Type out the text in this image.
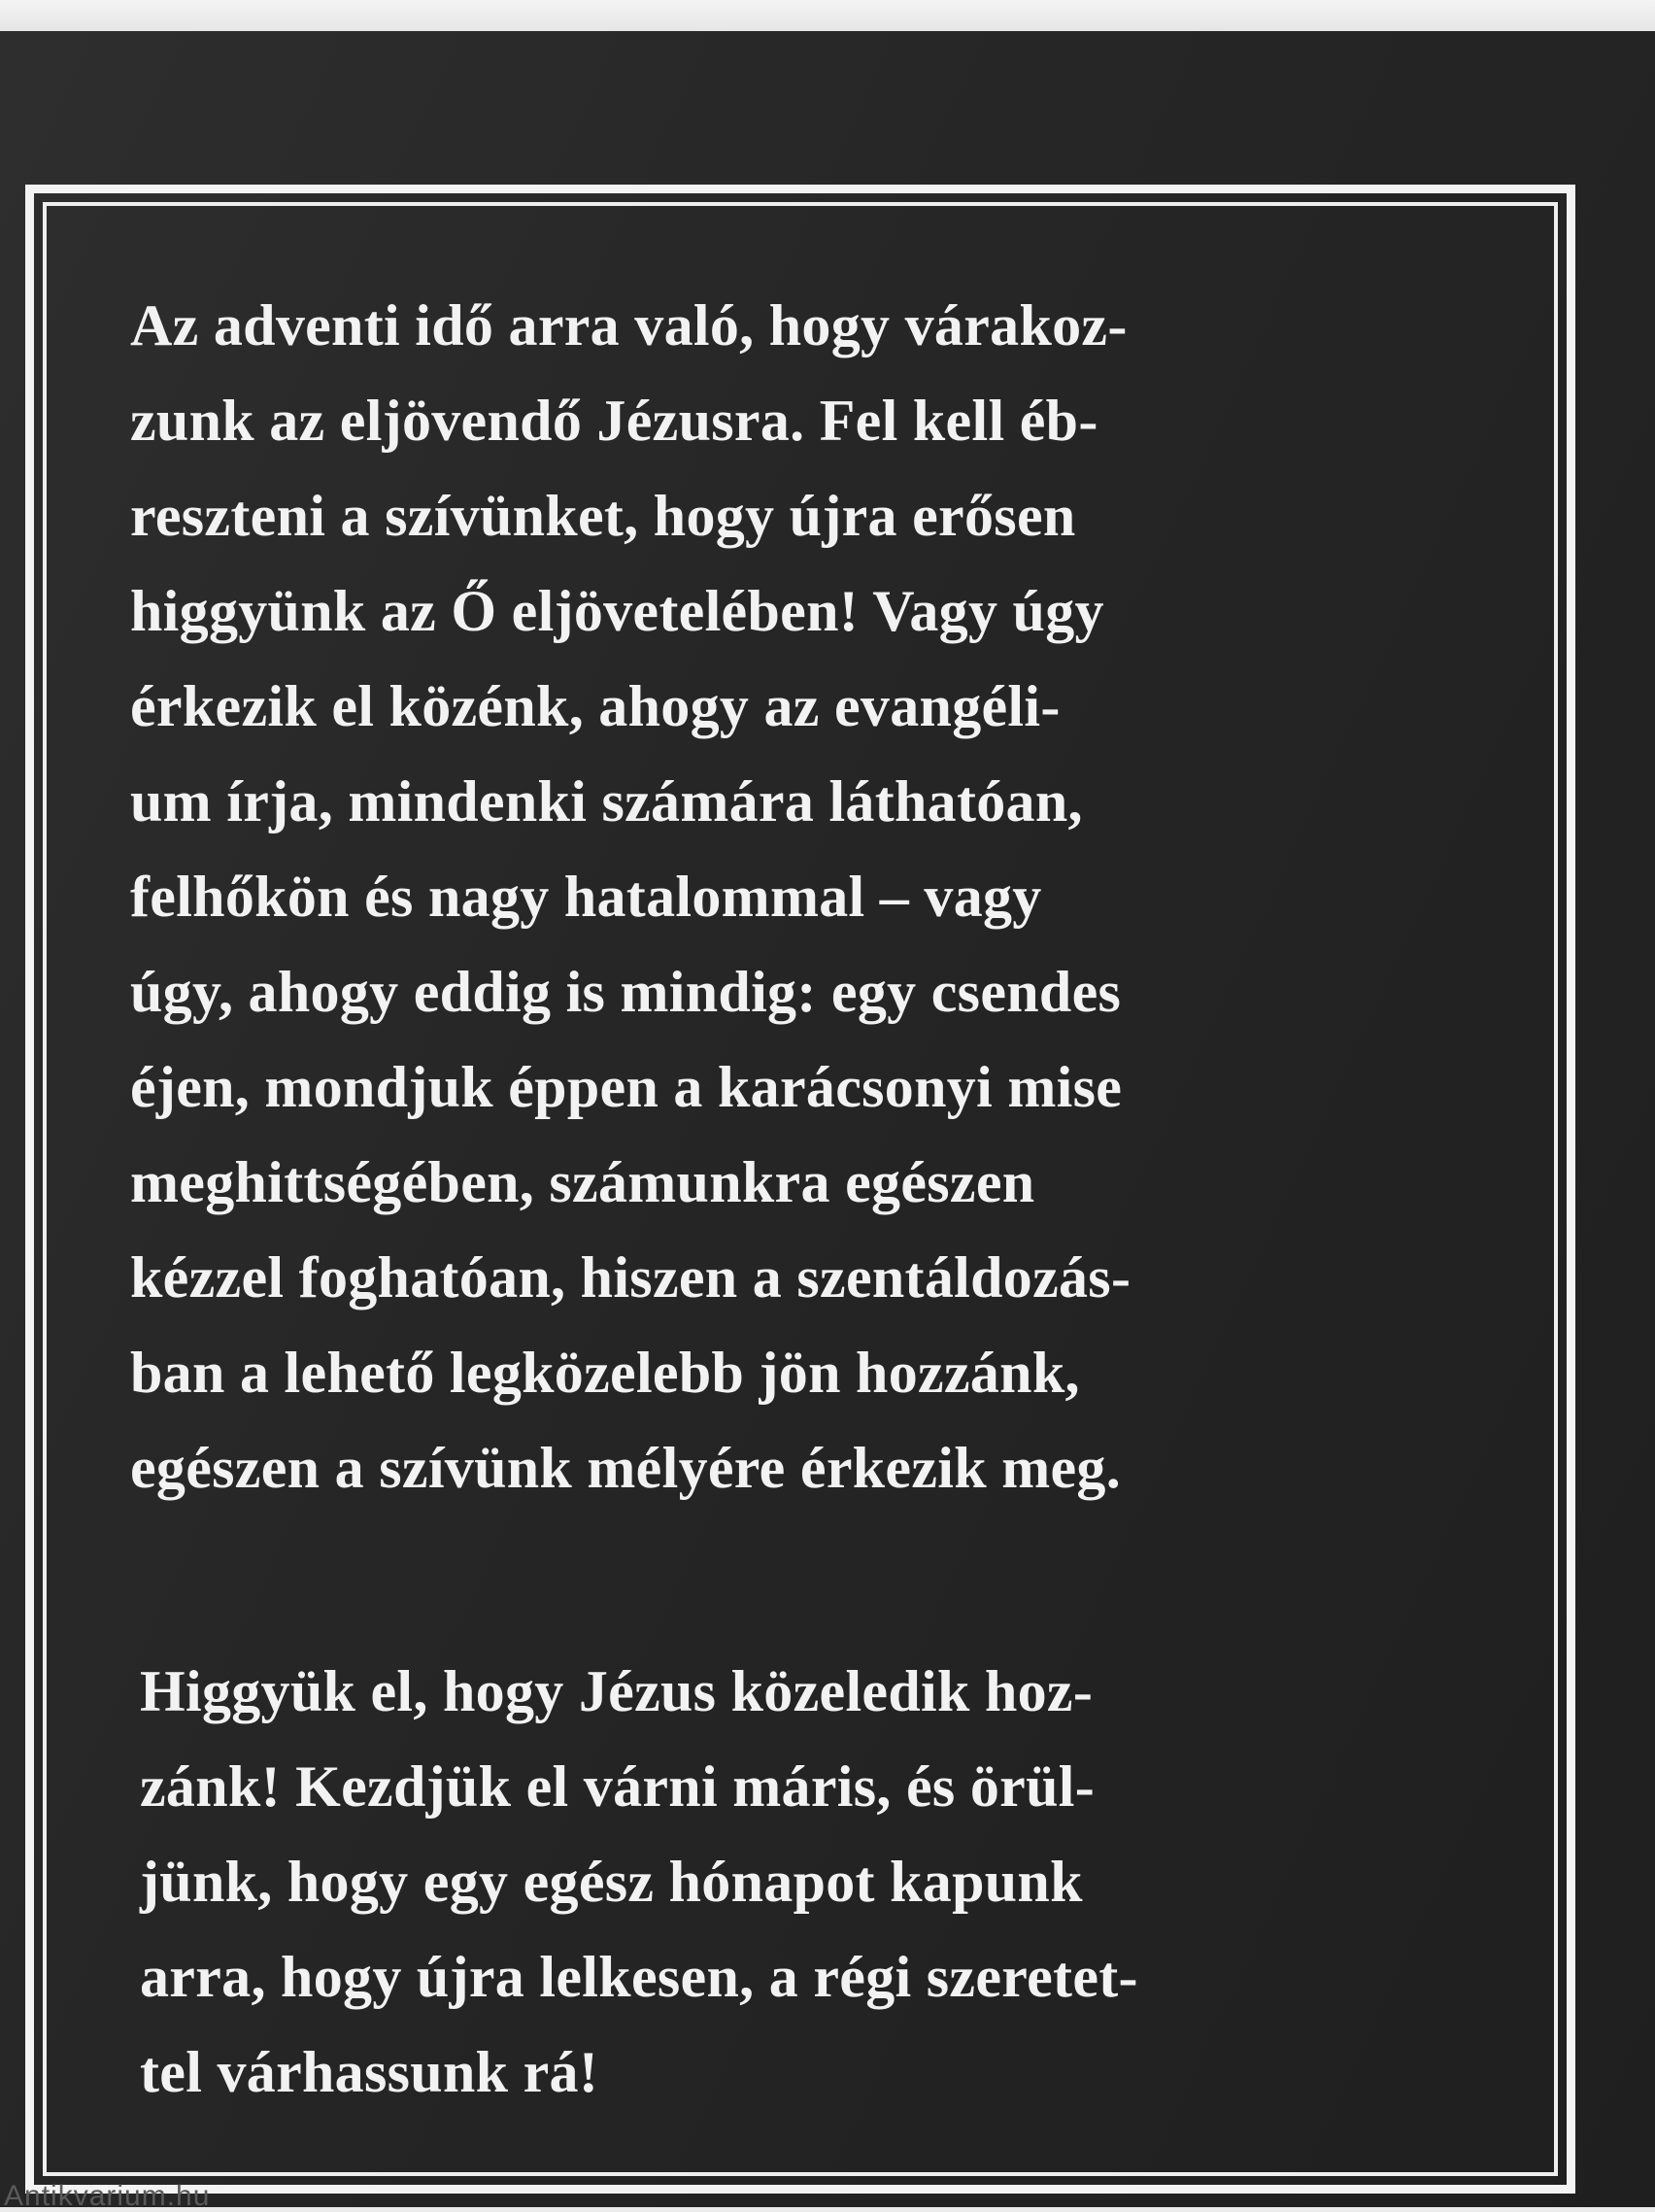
Az adventi idő arra való, hogy várakoz-
zunk az eljövendő Jézusra. Fel kell éb-
reszteni a szívünket, hogy újra erősen
higgyünk az Ő eljövetelében! Vagy úgy
érkezik el közénk, ahogy az evangéli-
um írja, mindenki számára láthatóan,
felhőkön és nagy hatalommal – vagy
úgy, ahogy eddig is mindig: egy csendes
éjen, mondjuk éppen a karácsonyi mise
meghittségében, számunkra egészen
kézzel foghatóan, hiszen a szentáldozás-
ban a lehető legközelebb jön hozzánk,
egészen a szívünk mélyére érkezik meg.

Higgyük el, hogy Jézus közeledik hoz-
zánk! Kezdjük el várni máris, és örül-
jünk, hogy egy egész hónapot kapunk
arra, hogy újra lelkesen, a régi szeretet-
tel várhassunk rá!

Antikvarium.hu
